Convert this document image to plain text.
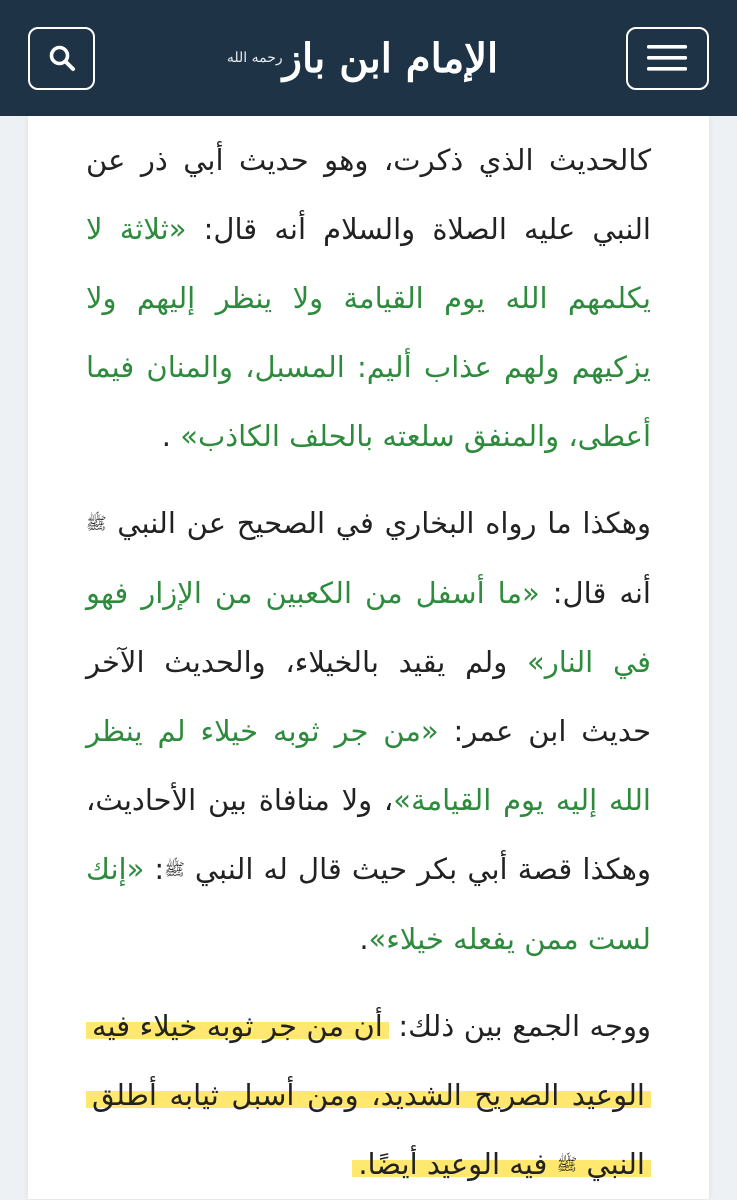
رحمه الله الإمام ابن باز

كالحديث الذي ذكرت، وهو حديث أبي ذر عن النبي عليه الصلاة والسلام أنه قال: «ثلاثة لا يكلمهم الله يوم القيامة ولا ينظر إليهم ولا يزكيهم ولهم عذاب أليم: المسبل، والمنان فيما أعطى، والمنفق سلعته بالحلف الكاذب» .

وهكذا ما رواه البخاري في الصحيح عن النبي ﷺ أنه قال: «ما أسفل من الكعبين من الإزار فهو في النار» ولم يقيد بالخيلاء، والحديث الآخر حديث ابن عمر: «من جر ثوبه خيلاء لم ينظر الله إليه يوم القيامة»، ولا منافاة بين الأحاديث، وهكذا قصة أبي بكر حيث قال له النبي ﷺ: «إنك لست ممن يفعله خيلاء».

ووجه الجمع بين ذلك: أن من جر ثوبه خيلاء فيه الوعيد الصريح الشديد، ومن أسبل ثيابه أطلق النبي ﷺ فيه الوعيد أيضًا.
